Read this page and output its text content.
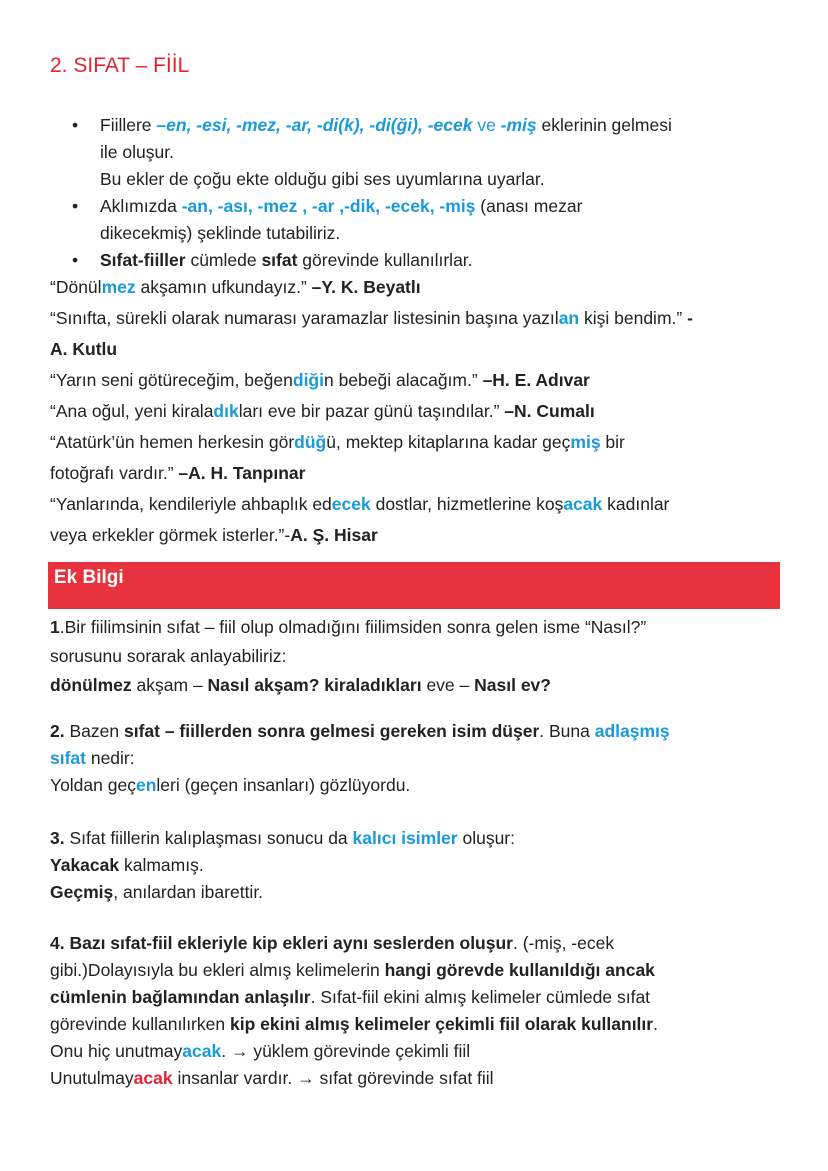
2. SIFAT – FİİL
• Fiillere –en, -esi, -mez, -ar, -di(k), -di(ği), -ecek ve -miş eklerinin gelmesi
ile oluşur.
Bu ekler de çoğu ekte olduğu gibi ses uyumlarına uyarlar.
• Aklımızda -an, -ası, -mez , -ar ,-dik, -ecek, -miş (anası mezar
dikecekmiş) şeklinde tutabiliriz.
• Sıfat-fiiller cümlede sıfat görevinde kullanılırlar.
“Dönülmez akşamın ufkundayız.” –Y. K. Beyatlı
“Sınıfta, sürekli olarak numarası yaramazlar listesinin başına yazılan kişi bendim.” -
A. Kutlu
“Yarın seni götüreceğim, beğendiğin bebeği alacağım.” –H. E. Adıvar
“Ana oğul, yeni kiraladıkları eve bir pazar günü taşındılar.” –N. Cumalı
“Atatürk’ün hemen herkesin gördüğü, mektep kitaplarına kadar geçmiş bir
fotoğrafı vardır.” –A. H. Tanpınar
“Yanlarında, kendileriyle ahbaplık edecek dostlar, hizmetlerine koşacak kadınlar
veya erkekler görmek isterler.”-A. Ş. Hisar
Ek Bilgi
1.Bir fiilimsinin sıfat – fiil olup olmadığını fiilimsiden sonra gelen isme “Nasıl?”
sorusunu sorarak anlayabiliriz:
dönülmez akşam – Nasıl akşam? kiraladıkları eve – Nasıl ev?
2. Bazen sıfat – fiillerden sonra gelmesi gereken isim düşer. Buna adlaşmış
sıfat nedir:
Yoldan geçenleri (geçen insanları) gözlüyordu.
3. Sıfat fiillerin kalıplaşması sonucu da kalıcı isimler oluşur:
Yakacak kalmamış.
Geçmiş, anılardan ibarettir.
4. Bazı sıfat-fiil ekleriyle kip ekleri aynı seslerden oluşur. (-miş, -ecek
gibi.)Dolayısıyla bu ekleri almış kelimelerin hangi görevde kullanıldığı ancak
cümlenin bağlamından anlaşılır. Sıfat-fiil ekini almış kelimeler cümlede sıfat
görevinde kullanılırken kip ekini almış kelimeler çekimli fiil olarak kullanılır.
Onu hiç unutmayacak. → yüklem görevinde çekimli fiil
Unutulmayacak insanlar vardır. → sıfat görevinde sıfat fiil
